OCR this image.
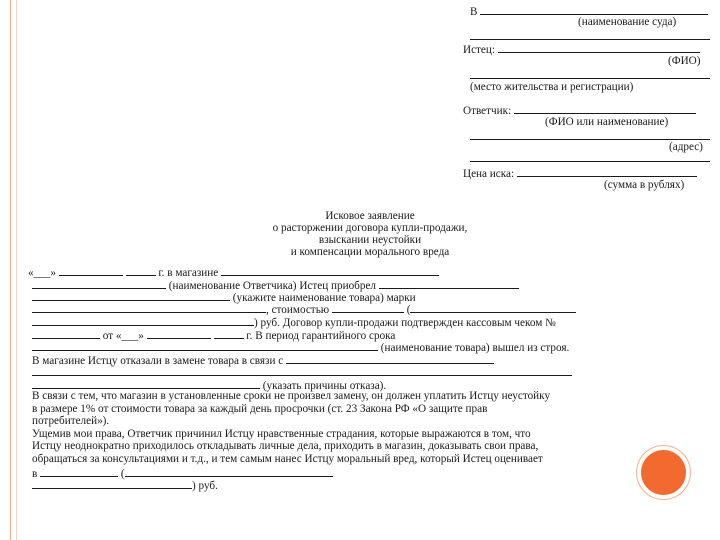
В
(наименование суда)
Истец:
(ФИО)
(место жительства и регистрации)
Ответчик:
(ФИО или наименование)
(адрес)
Цена иска:
(сумма в рублях)
Исковое заявление
о расторжении договора купли-продажи,
взыскании неустойки
и компенсации морального вреда
«___»	г. в магазине
(наименование Ответчика) Истец приобрел
(укажите наименование товара) марки
, стоимостью	(
) руб. Договор купли-продажи подтвержден кассовым чеком №
от «___»	г. В период гарантийного срока
(наименование товара) вышел из строя.
В магазине Истцу отказали в замене товара в связи с
(указать причины отказа).
В связи с тем, что магазин в установленные сроки не произвел замену, он должен уплатить Истцу неустойку
в размере 1% от стоимости товара за каждый день просрочки (ст. 23 Закона РФ «О защите прав
потребителей»).
Ущемив мои права, Ответчик причинил Истцу нравственные страдания, которые выражаются в том, что
Истцу неоднократно приходилось откладывать личные дела, приходить в магазин, доказывать свои права,
обращаться за консультациями и т.д., и тем самым нанес Истцу моральный вред, который Истец оценивает
в	(
) руб.
